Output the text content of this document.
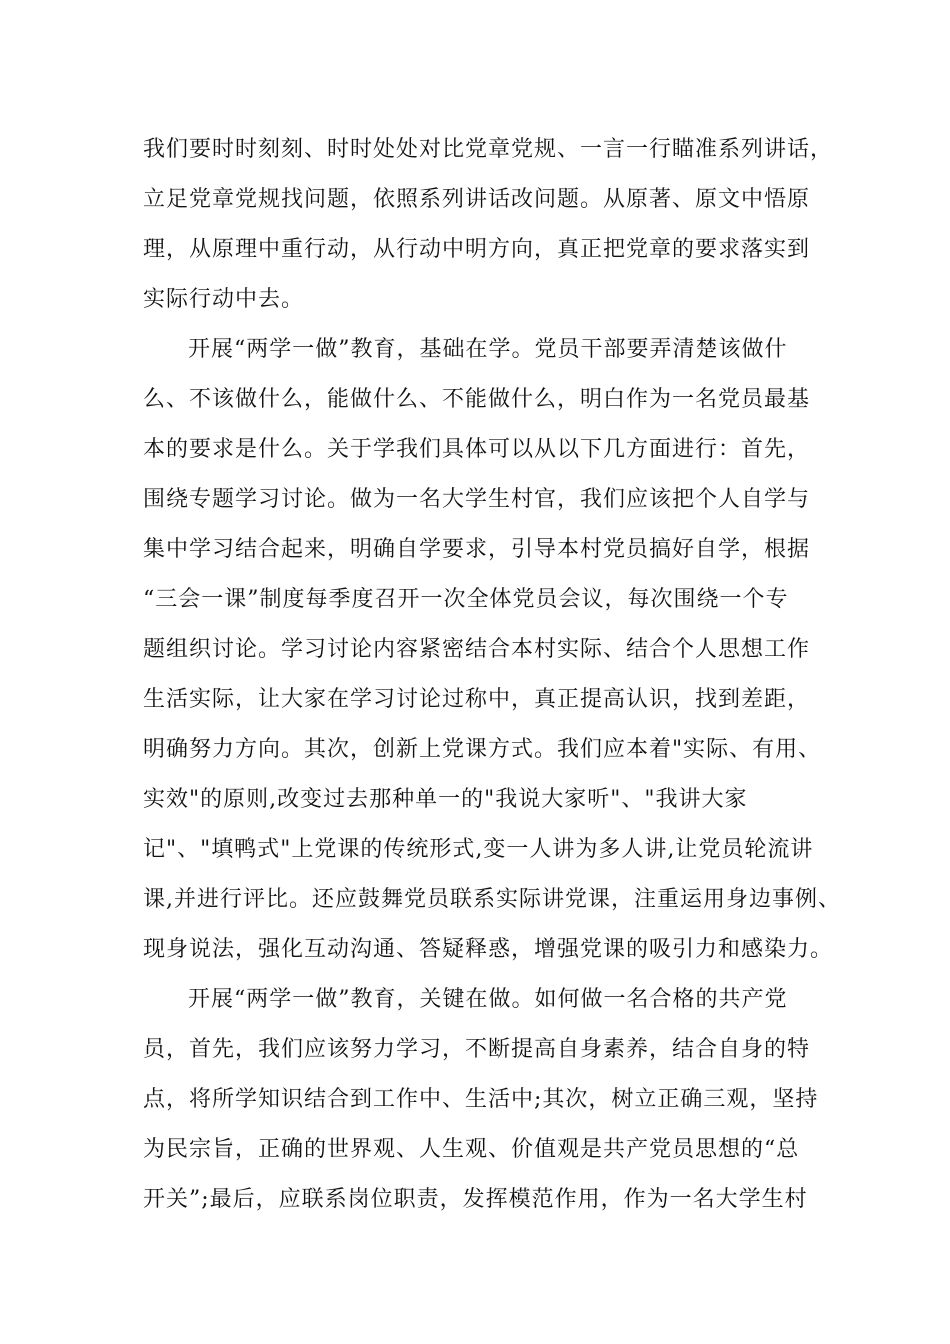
我们要时时刻刻、时时处处对比党章党规、一言一行瞄准系列讲话，
立足党章党规找问题，依照系列讲话改问题。从原著、原文中悟原
理，从原理中重行动，从行动中明方向，真正把党章的要求落实到
实际行动中去。
开展“两学一做”教育，基础在学。党员干部要弄清楚该做什
么、不该做什么，能做什么、不能做什么，明白作为一名党员最基
本的要求是什么。关于学我们具体可以从以下几方面进行：首先，
围绕专题学习讨论。做为一名大学生村官，我们应该把个人自学与
集中学习结合起来，明确自学要求，引导本村党员搞好自学，根据
“三会一课”制度每季度召开一次全体党员会议，每次围绕一个专
题组织讨论。学习讨论内容紧密结合本村实际、结合个人思想工作
生活实际，让大家在学习讨论过称中，真正提高认识，找到差距，
明确努力方向。其次，创新上党课方式。我们应本着"实际、有用、
实效"的原则,改变过去那种单一的"我说大家听"、"我讲大家
记"、"填鸭式"上党课的传统形式,变一人讲为多人讲,让党员轮流讲
课,并进行评比。还应鼓舞党员联系实际讲党课，注重运用身边事例、
现身说法，强化互动沟通、答疑释惑，增强党课的吸引力和感染力。
开展“两学一做”教育，关键在做。如何做一名合格的共产党
员，首先，我们应该努力学习，不断提高自身素养，结合自身的特
点，将所学知识结合到工作中、生活中;其次，树立正确三观，坚持
为民宗旨，正确的世界观、人生观、价值观是共产党员思想的“总
开关”;最后，应联系岗位职责，发挥模范作用，作为一名大学生村
